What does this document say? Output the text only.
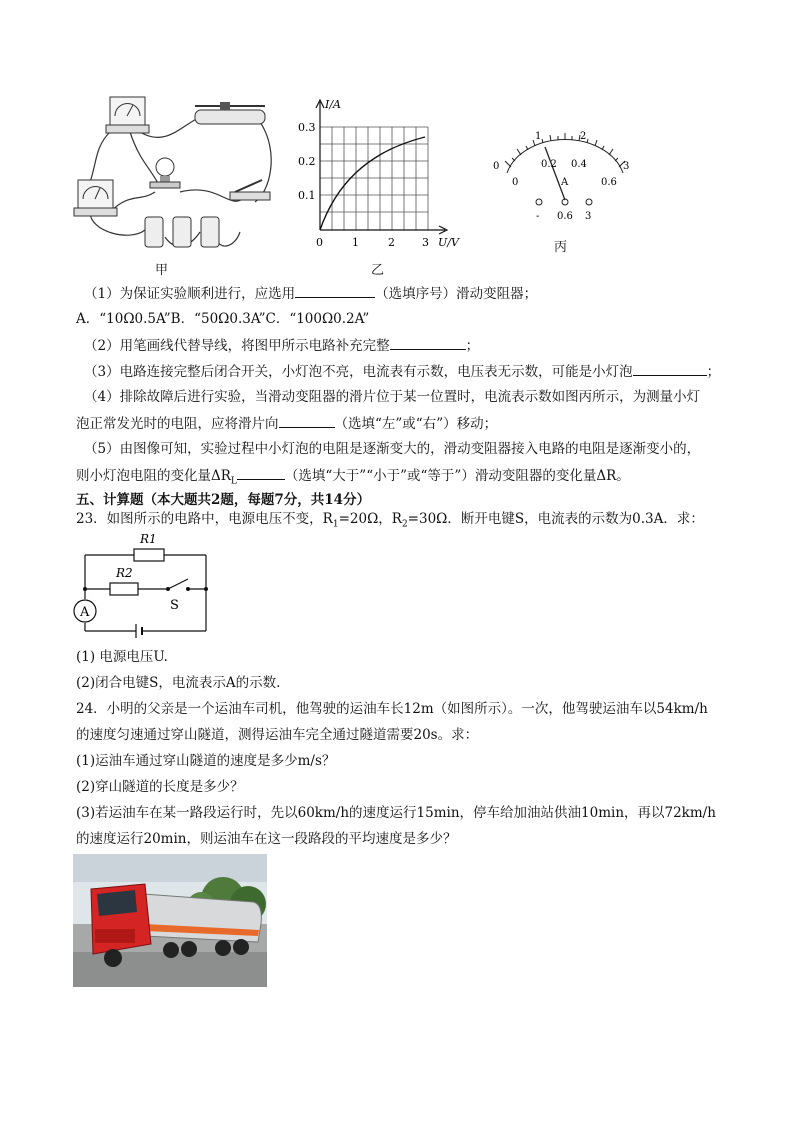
甲
I/A
U/V
0.3
0.2
0.1
0	1	2 3
乙
1	2
0	3
0
0.2 0.4
0.6
A
- 0.6 3
丙
（1）为保证实验顺利进行，应选用	（选填序号）滑动变阻器；
A．“10Ω0.5A”B．“50Ω0.3A”C．“100Ω0.2A”
（2）用笔画线代替导线，将图甲所示电路补充完整	；
（3）电路连接完整后闭合开关，小灯泡不亮，电流表有示数，电压表无示数，可能是小灯泡	；
（4）排除故障后进行实验，当滑动变阻器的滑片位于某一位置时，电流表示数如图丙所示，为测量小灯
泡正常发光时的电阻，应将滑片向	（选填“左”或“右”）移动；
（5）由图像可知，实验过程中小灯泡的电阻是逐渐变大的，滑动变阻器接入电路的电阻是逐渐变小的，
则小灯泡电阻的变化量$\Delta R_L$	（选填“大于”“小于”或“等于”）滑动变阻器的变化量ΔR。
五、计算题（本大题共2题，每题7分，共14分）
23．如图所示的电路中，电源电压不变，$R_1=20\Omega$，$R_2=30\Omega$．断开电键S，电流表的示数为0.3A．求：
A
R1
R2
S
(1) 电源电压U.
(2)闭合电键S，电流表示A的示数.
24．小明的父亲是一个运油车司机，他驾驶的运油车长12m（如图所示）。一次，他驾驶运油车以54km/h
的速度匀速通过穿山隧道，测得运油车完全通过隧道需要20s。求：
(1)运油车通过穿山隧道的速度是多少m/s？
(2)穿山隧道的长度是多少？
(3)若运油车在某一路段运行时，先以60km/h的速度运行15min，停车给加油站供油10min，再以72km/h
的速度运行20min，则运油车在这一段路段的平均速度是多少？
